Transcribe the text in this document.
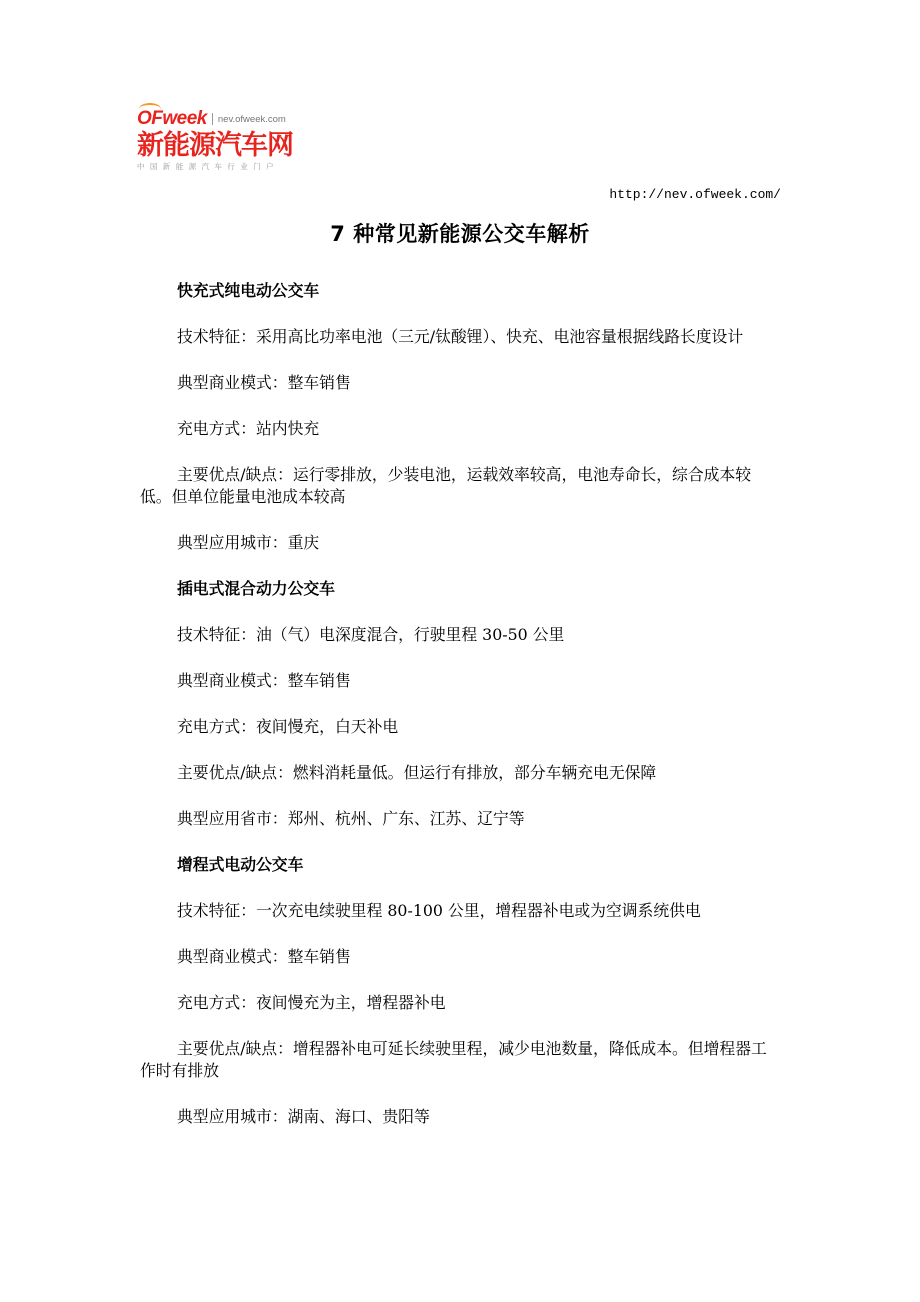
OFweek nev.ofweek.com
新能源汽车网
中国新能源汽车行业门户
http://nev.ofweek.com/
7 种常见新能源公交车解析

快充式纯电动公交车

技术特征：采用高比功率电池（三元/钛酸锂）、快充、电池容量根据线路长度设计

典型商业模式：整车销售

充电方式：站内快充

主要优点/缺点：运行零排放，少装电池，运载效率较高，电池寿命长，综合成本较低。但单位能量电池成本较高

典型应用城市：重庆

插电式混合动力公交车

技术特征：油（气）电深度混合，行驶里程 30-50 公里

典型商业模式：整车销售

充电方式：夜间慢充，白天补电

主要优点/缺点：燃料消耗量低。但运行有排放，部分车辆充电无保障

典型应用省市：郑州、杭州、广东、江苏、辽宁等

增程式电动公交车

技术特征：一次充电续驶里程 80-100 公里，增程器补电或为空调系统供电

典型商业模式：整车销售

充电方式：夜间慢充为主，增程器补电

主要优点/缺点：增程器补电可延长续驶里程，减少电池数量，降低成本。但增程器工作时有排放

典型应用城市：湖南、海口、贵阳等
